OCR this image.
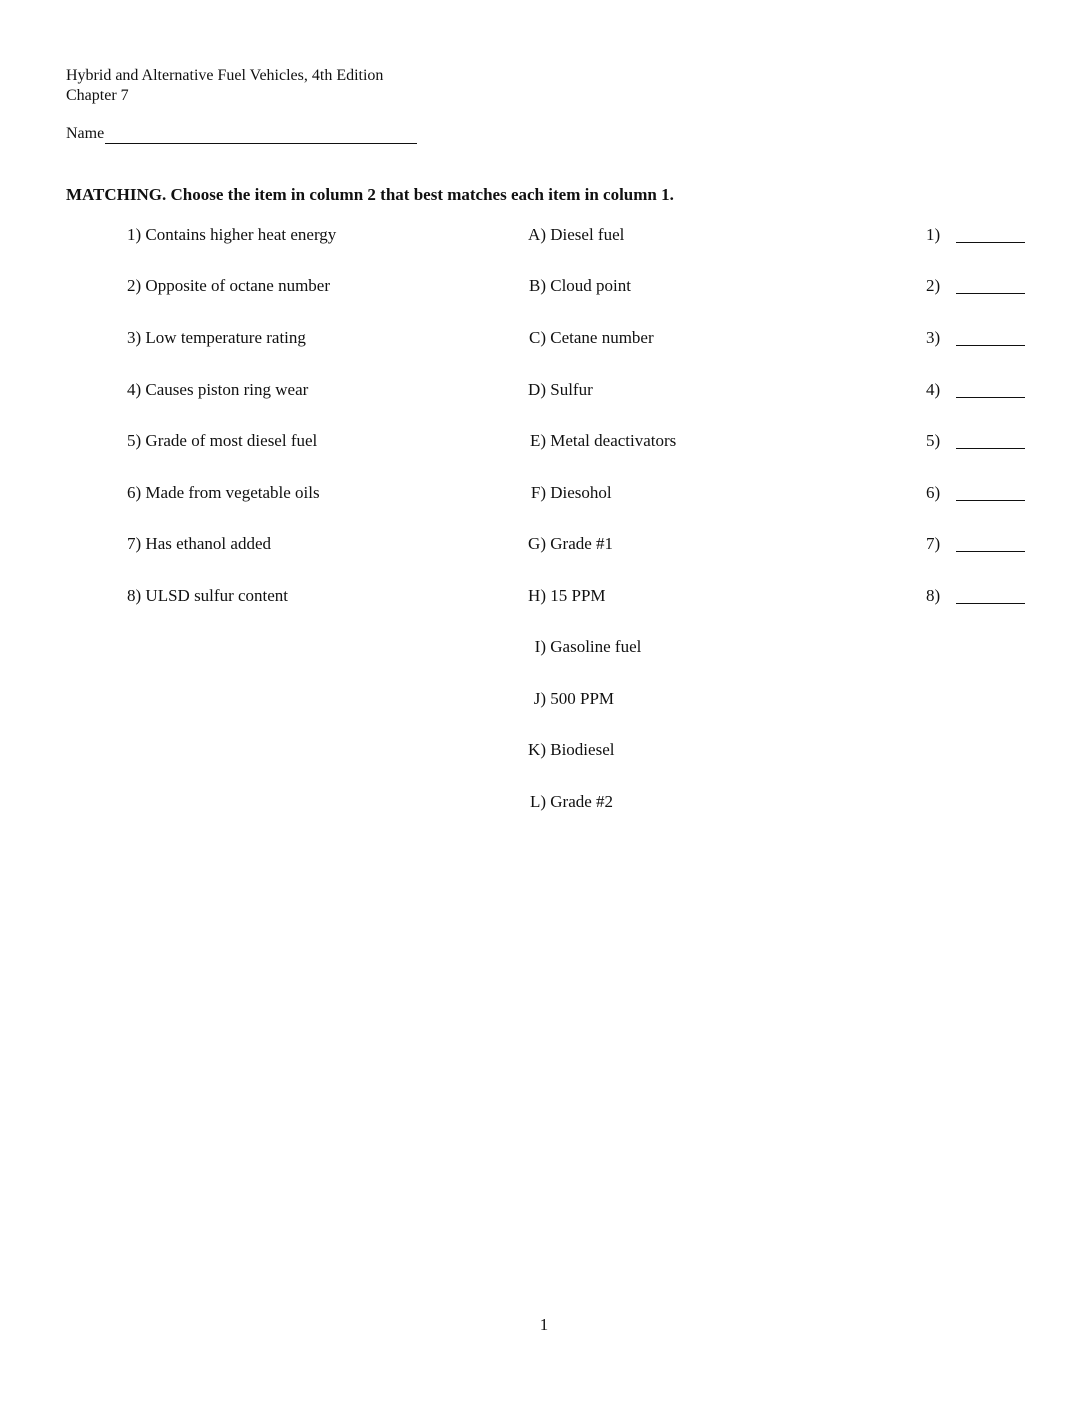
Hybrid and Alternative Fuel Vehicles, 4th Edition
Chapter 7
Name
MATCHING. Choose the item in column 2 that best matches each item in column 1.
1) Contains higher heat energy	A) Diesel fuel	1)
2) Opposite of octane number	B) Cloud point	2)
3) Low temperature rating	C) Cetane number	3)
4) Causes piston ring wear	D) Sulfur	4)
5) Grade of most diesel fuel	E) Metal deactivators	5)
6) Made from vegetable oils	F) Diesohol	6)
7) Has ethanol added	G) Grade #1	7)
8) ULSD sulfur content	H) 15 PPM	8)
I) Gasoline fuel
J) 500 PPM
K) Biodiesel
L) Grade #2
1
